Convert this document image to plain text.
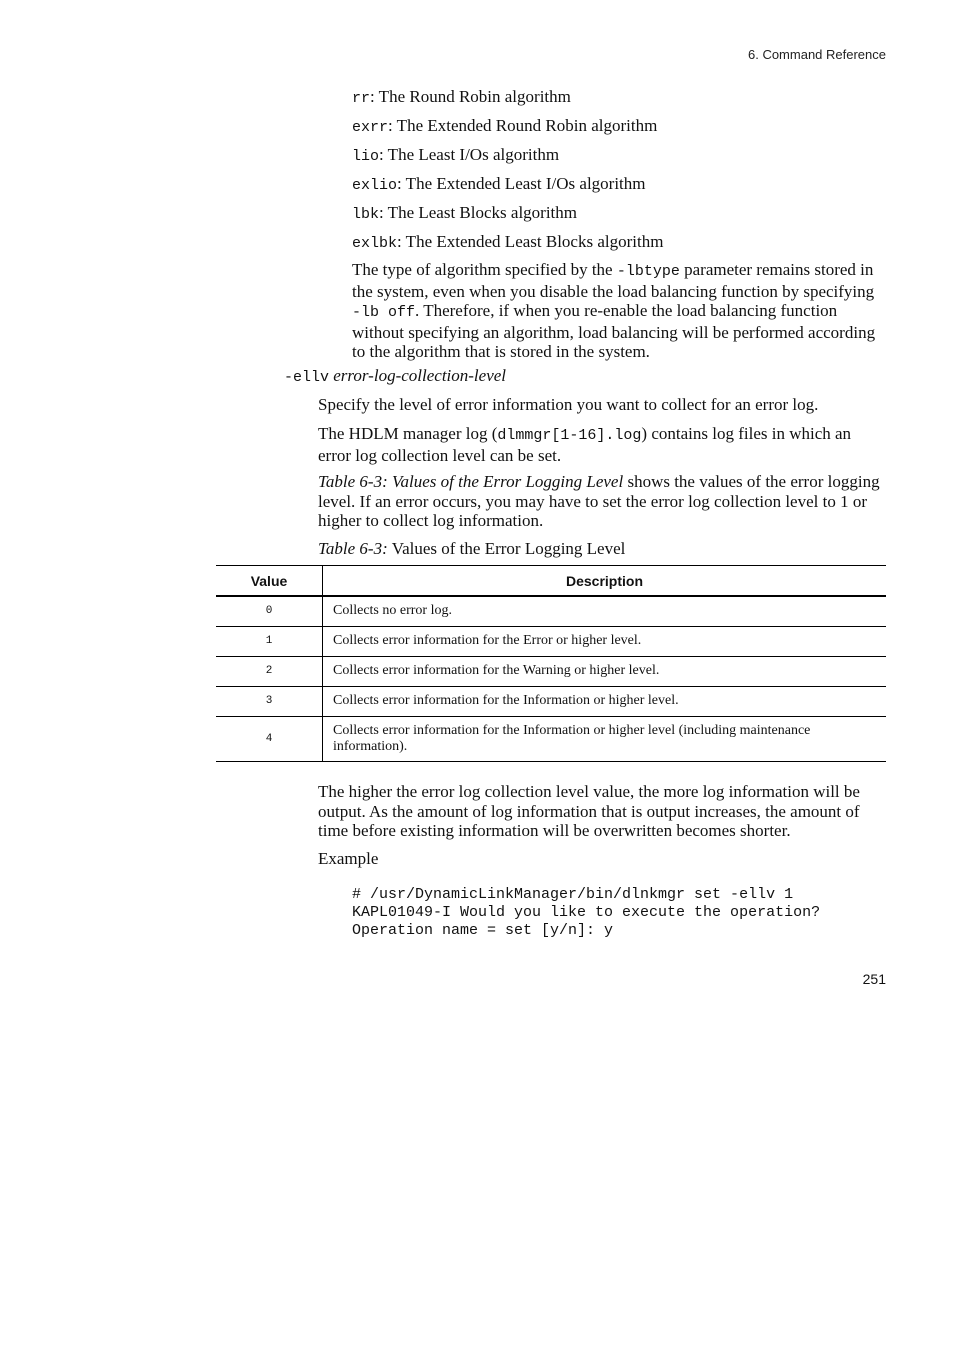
6. Command Reference
rr: The Round Robin algorithm
exrr: The Extended Round Robin algorithm
lio: The Least I/Os algorithm
exlio: The Extended Least I/Os algorithm
lbk: The Least Blocks algorithm
exlbk: The Extended Least Blocks algorithm
The type of algorithm specified by the -lbtype parameter remains stored in the system, even when you disable the load balancing function by specifying -lb off. Therefore, if when you re-enable the load balancing function without specifying an algorithm, load balancing will be performed according to the algorithm that is stored in the system.
-ellv error-log-collection-level
Specify the level of error information you want to collect for an error log.
The HDLM manager log (dlmmgr[1-16].log) contains log files in which an error log collection level can be set.
Table 6-3: Values of the Error Logging Level shows the values of the error logging level. If an error occurs, you may have to set the error log collection level to 1 or higher to collect log information.
Table 6-3: Values of the Error Logging Level
Value	Description
0	Collects no error log.
1	Collects error information for the Error or higher level.
2	Collects error information for the Warning or higher level.
3	Collects error information for the Information or higher level.
4	Collects error information for the Information or higher level (including maintenance information).
The higher the error log collection level value, the more log information will be output. As the amount of log information that is output increases, the amount of time before existing information will be overwritten becomes shorter.
Example
# /usr/DynamicLinkManager/bin/dlnkmgr set -ellv 1
KAPL01049-I Would you like to execute the operation?
Operation name = set [y/n]: y
251
